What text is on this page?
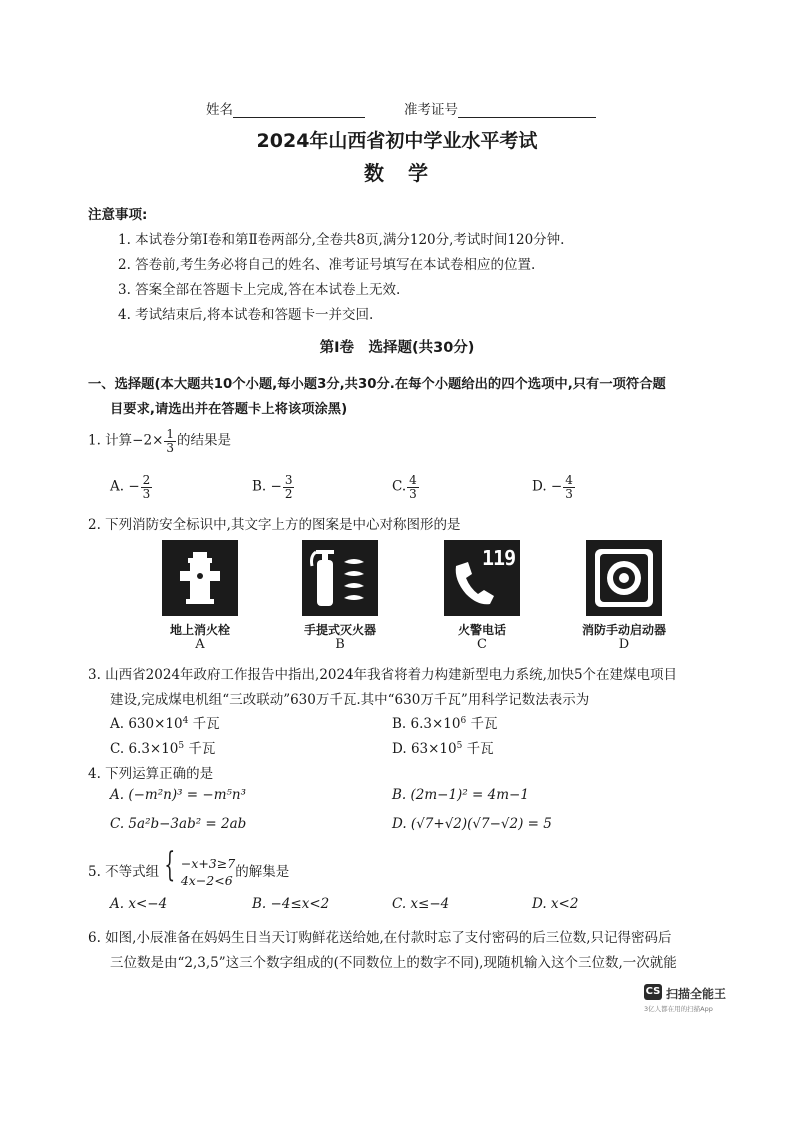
姓名	准考证号
2024年山西省初中学业水平考试
数　学
注意事项:
1. 本试卷分第Ⅰ卷和第Ⅱ卷两部分,全卷共8页,满分120分,考试时间120分钟.
2. 答卷前,考生务必将自己的姓名、准考证号填写在本试卷相应的位置.
3. 答案全部在答题卡上完成,答在本试卷上无效.
4. 考试结束后,将本试卷和答题卡一并交回.
第Ⅰ卷　选择题(共30分)
一、选择题(本大题共10个小题,每小题3分,共30分.在每个小题给出的四个选项中,只有一项符合题
目要求,请选出并在答题卡上将该项涂黑)
1. 计算$-2\times \frac{1}{3}$ 的结果是
A. − $\frac{2}{3}$	B. − $\frac{3}{2}$	C. $\frac{4}{3}$	D. − $\frac{4}{3}$
2. 下列消防安全标识中,其文字上方的图案是中心对称图形的是
地上消火栓
A
手提式灭火器
B
119
火警电话
C
消防手动启动器
D
3. 山西省2024年政府工作报告中指出,2024年我省将着力构建新型电力系统,加快5个在建煤电项目
建设,完成煤电机组“三改联动”630万千瓦.其中“630万千瓦”用科学记数法表示为
A. $630\times 10^4$ 千瓦	B. $6.3\times 10^6$ 千瓦
C. $6.3\times 10^5$ 千瓦	D. $63\times 10^5$ 千瓦
4. 下列运算正确的是
A. (−m²n)³ = −m⁵n³	B. (2m−1)² = 4m−1
C. 5a²b−3ab² = 2ab	D. (√7+√2)(√7−√2) = 5
5. 不等式组 { −x+3≥7
4x−2<6 的解集是
A. x<−4	B. −4≤x<2	C. x≤−4	D. x<2
6. 如图,小辰准备在妈妈生日当天订购鲜花送给她,在付款时忘了支付密码的后三位数,只记得密码后
三位数是由“2,3,5”这三个数字组成的(不同数位上的数字不同),现随机输入这个三位数,一次就能
CS 扫描全能王
3亿人都在用的扫描App
